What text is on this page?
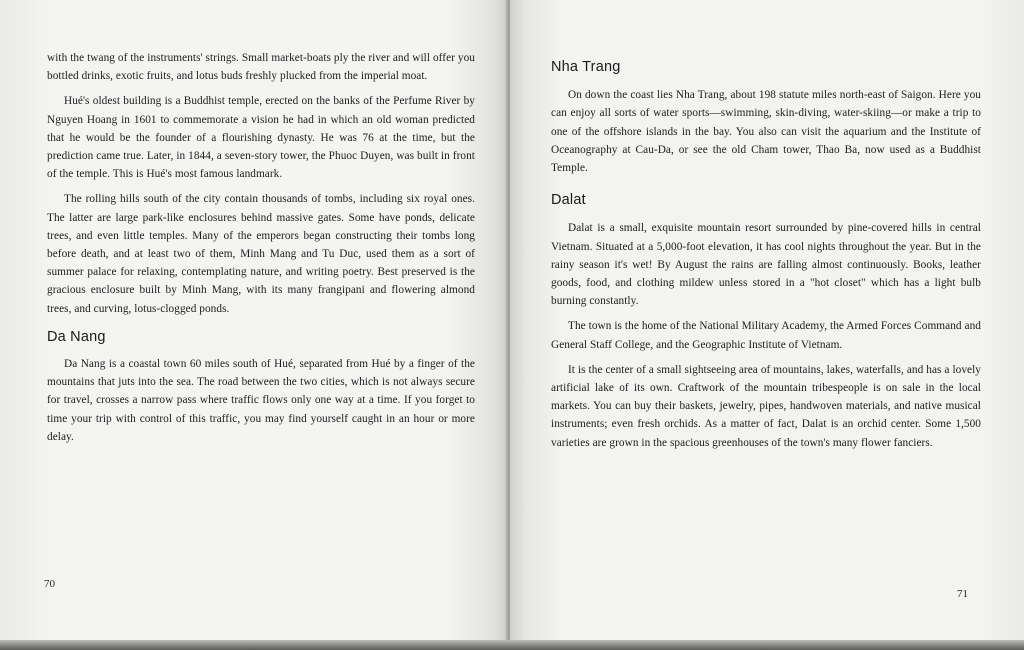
with the twang of the instruments' strings. Small market-boats ply the river and will offer you bottled drinks, exotic fruits, and lotus buds freshly plucked from the imperial moat.

Hué's oldest building is a Buddhist temple, erected on the banks of the Perfume River by Nguyen Hoang in 1601 to commemorate a vision he had in which an old woman predicted that he would be the founder of a flourishing dynasty. He was 76 at the time, but the prediction came true. Later, in 1844, a seven-story tower, the Phuoc Duyen, was built in front of the temple. This is Hué's most famous landmark.

The rolling hills south of the city contain thousands of tombs, including six royal ones. The latter are large park-like enclosures behind massive gates. Some have ponds, delicate trees, and even little temples. Many of the emperors began constructing their tombs long before death, and at least two of them, Minh Mang and Tu Duc, used them as a sort of summer palace for relaxing, contemplating nature, and writing poetry. Best preserved is the gracious enclosure built by Minh Mang, with its many frangipani and flowering almond trees, and curving, lotus-clogged ponds.

Da Nang

Da Nang is a coastal town 60 miles south of Hué, separated from Hué by a finger of the mountains that juts into the sea. The road between the two cities, which is not always secure for travel, crosses a narrow pass where traffic flows only one way at a time. If you forget to time your trip with control of this traffic, you may find yourself caught in an hour or more delay.

70
Nha Trang

On down the coast lies Nha Trang, about 198 statute miles north-east of Saigon. Here you can enjoy all sorts of water sports—swimming, skin-diving, water-skiing—or make a trip to one of the offshore islands in the bay. You also can visit the aquarium and the Institute of Oceanography at Cau-Da, or see the old Cham tower, Thao Ba, now used as a Buddhist Temple.

Dalat

Dalat is a small, exquisite mountain resort surrounded by pine-covered hills in central Vietnam. Situated at a 5,000-foot elevation, it has cool nights throughout the year. But in the rainy season it's wet! By August the rains are falling almost continuously. Books, leather goods, food, and clothing mildew unless stored in a "hot closet" which has a light bulb burning constantly.

The town is the home of the National Military Academy, the Armed Forces Command and General Staff College, and the Geographic Institute of Vietnam.

It is the center of a small sightseeing area of mountains, lakes, waterfalls, and has a lovely artificial lake of its own. Craftwork of the mountain tribespeople is on sale in the local markets. You can buy their baskets, jewelry, pipes, handwoven materials, and native musical instruments; even fresh orchids. As a matter of fact, Dalat is an orchid center. Some 1,500 varieties are grown in the spacious greenhouses of the town's many flower fanciers.

71
